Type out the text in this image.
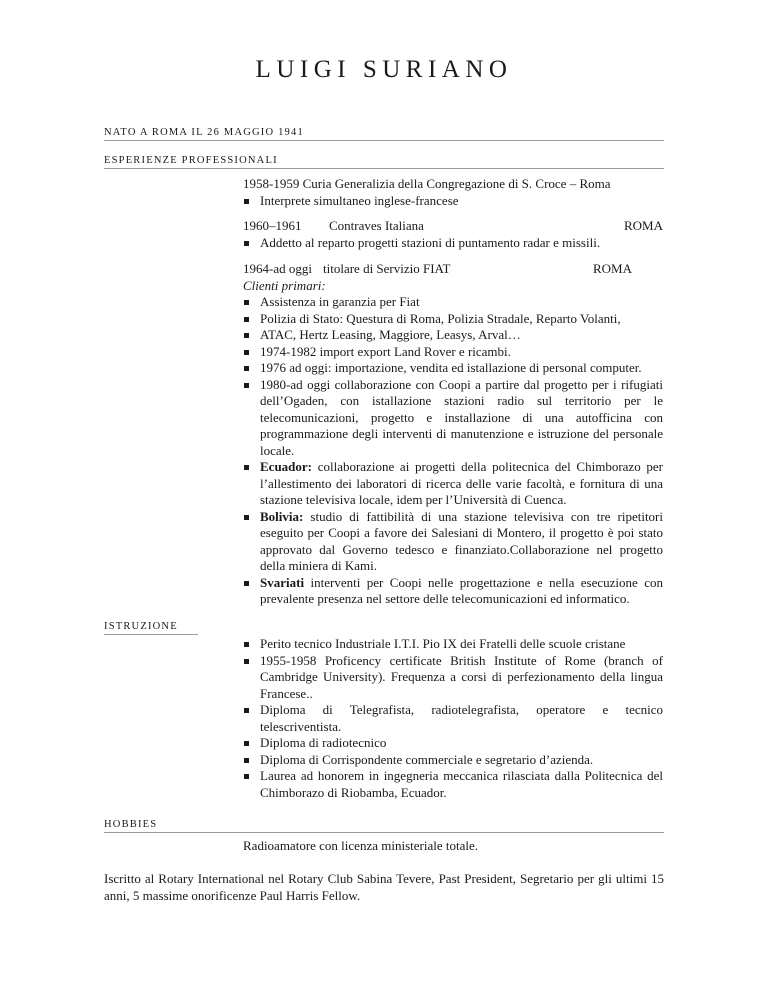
LUIGI SURIANO
NATO A ROMA IL 26 MAGGIO 1941
ESPERIENZE PROFESSIONALI

1958-1959 Curia Generalizia della Congregazione di S. Croce – Roma

Interprete simultaneo inglese-francese
1960–1961	Contraves Italiana	ROMA
Addetto al reparto progetti stazioni di puntamento radar e missili.
1964-ad oggi titolare di Servizio FIAT	ROMA

Clienti primari:

Assistenza in garanzia per Fiat
Polizia di Stato: Questura di Roma, Polizia Stradale, Reparto Volanti,
ATAC, Hertz Leasing, Maggiore, Leasys, Arval…
1974-1982 import export Land Rover e ricambi.
1976 ad oggi: importazione, vendita ed istallazione di personal computer.
1980-ad oggi collaborazione con Coopi a partire dal progetto per i rifugiati dell’Ogaden, con istallazione stazioni radio sul territorio per le telecomunicazioni, progetto e installazione di una autofficina con programmazione degli interventi di manutenzione e istruzione del personale locale.
Ecuador: collaborazione ai progetti della politecnica del Chimborazo per l’allestimento dei laboratori di ricerca delle varie facoltà, e fornitura di una stazione televisiva locale, idem per l’Università di Cuenca.
Bolivia: studio di fattibilità di una stazione televisiva con tre ripetitori eseguito per Coopi a favore dei Salesiani di Montero, il progetto è poi stato approvato dal Governo tedesco e finanziato.Collaborazione nel progetto della miniera di Kami.
Svariati interventi per Coopi nelle progettazione e nella esecuzione con prevalente presenza nel settore delle telecomunicazioni ed informatico.
ISTRUZIONE
Perito tecnico Industriale I.T.I. Pio IX dei Fratelli delle scuole cristane
1955-1958 Proficency certificate British Institute of Rome (branch of Cambridge University). Frequenza a corsi di perfezionamento della lingua Francese..
Diploma di Telegrafista, radiotelegrafista, operatore e tecnico telescriventista.
Diploma di radiotecnico
Diploma di Corrispondente commerciale e segretario d’azienda.
Laurea ad honorem in ingegneria meccanica rilasciata dalla Politecnica del Chimborazo di Riobamba, Ecuador.
HOBBIES

Radioamatore con licenza ministeriale totale.

Iscritto al Rotary International nel Rotary Club Sabina Tevere, Past President, Segretario per gli ultimi 15 anni, 5 massime onorificenze Paul Harris Fellow.
